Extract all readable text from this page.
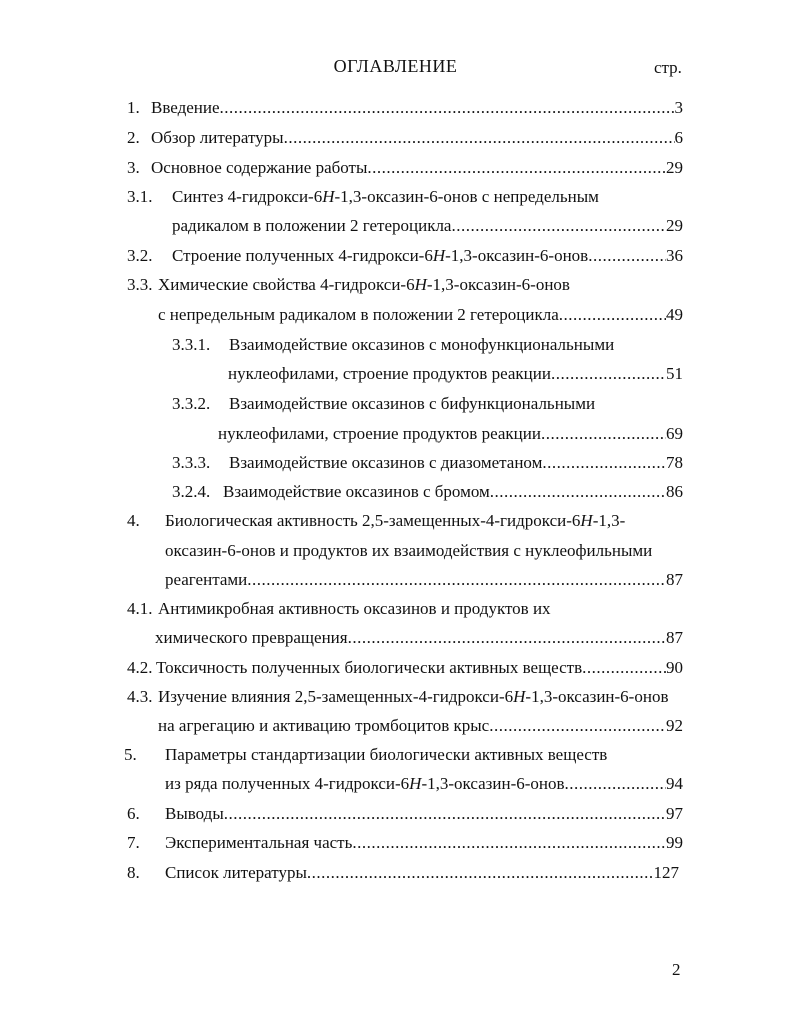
ОГЛАВЛЕНИЕ	стр.
1. Введение .....	3
2. Обзор литературы .....	6
3. Основное содержание работы .....	29
3.1.	Синтез 4-гидрокси-6H-1,3-оксазин-6-онов с непредельным
радикалом в положении 2 гетероцикла .....	29
3.2.	Строение полученных 4-гидрокси-6H-1,3-оксазин-6-онов .....	36
3.3. Химические свойства 4-гидрокси-6H-1,3-оксазин-6-онов
с непредельным радикалом в положении 2 гетероцикла .....	49
3.3.1.	Взаимодействие оксазинов с монофункциональными
нуклеофилами, строение продуктов реакции .....	51
3.3.2.	Взаимодействие оксазинов с бифункциональными
нуклеофилами, строение продуктов реакции .....	69
3.3.3.	Взаимодействие оксазинов с диазометаном .....	78
3.2.4. Взаимодействие оксазинов с бромом .....	86
4.	Биологическая активность 2,5-замещенных-4-гидрокси-6H-1,3-
оксазин-6-онов и продуктов их взаимодействия с нуклеофильными
реагентами .....	87
4.1. Антимикробная активность оксазинов и продуктов их
химического превращения .....	87
4.2. Токсичность полученных биологически активных веществ .....	90
4.3. Изучение влияния 2,5-замещенных-4-гидрокси-6H-1,3-оксазин-6-онов
на агрегацию и активацию тромбоцитов крыс .....	92
5.	Параметры стандартизации биологически активных веществ
из ряда полученных 4-гидрокси-6H-1,3-оксазин-6-онов .....	94
6.	Выводы .....	97
7.	Экспериментальная часть .....	99
8.	Список литературы .....	127
2
